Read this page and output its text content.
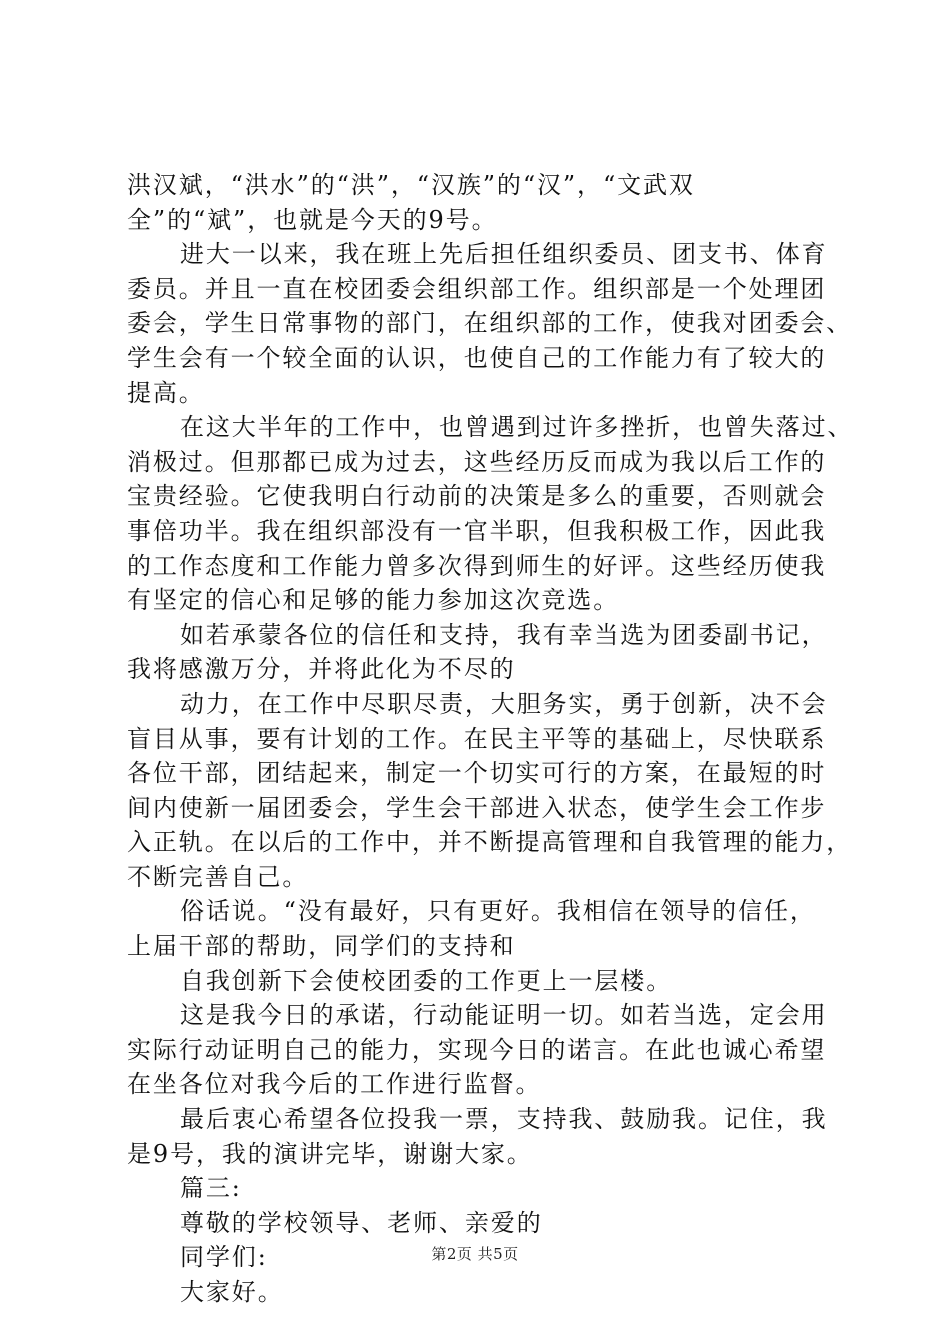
洪汉斌，“洪水”的“洪”，“汉族”的“汉”，“文武双
全”的“斌”，也就是今天的9号。
进大一以来，我在班上先后担任组织委员、团支书、体育
委员。并且一直在校团委会组织部工作。组织部是一个处理团
委会，学生日常事物的部门，在组织部的工作，使我对团委会、
学生会有一个较全面的认识，也使自己的工作能力有了较大的
提高。
在这大半年的工作中，也曾遇到过许多挫折，也曾失落过、
消极过。但那都已成为过去，这些经历反而成为我以后工作的
宝贵经验。它使我明白行动前的决策是多么的重要，否则就会
事倍功半。我在组织部没有一官半职，但我积极工作，因此我
的工作态度和工作能力曾多次得到师生的好评。这些经历使我
有坚定的信心和足够的能力参加这次竞选。
如若承蒙各位的信任和支持，我有幸当选为团委副书记，
我将感激万分，并将此化为不尽的
动力，在工作中尽职尽责，大胆务实，勇于创新，决不会
盲目从事，要有计划的工作。在民主平等的基础上，尽快联系
各位干部，团结起来，制定一个切实可行的方案，在最短的时
间内使新一届团委会，学生会干部进入状态，使学生会工作步
入正轨。在以后的工作中，并不断提高管理和自我管理的能力，
不断完善自己。
俗话说。“没有最好，只有更好。我相信在领导的信任，
上届干部的帮助，同学们的支持和
自我创新下会使校团委的工作更上一层楼。
这是我今日的承诺，行动能证明一切。如若当选，定会用
实际行动证明自己的能力，实现今日的诺言。在此也诚心希望
在坐各位对我今后的工作进行监督。
最后衷心希望各位投我一票，支持我、鼓励我。记住，我
是9号，我的演讲完毕，谢谢大家。
篇三:
尊敬的学校领导、老师、亲爱的
同学们:
大家好。
第2页 共5页
